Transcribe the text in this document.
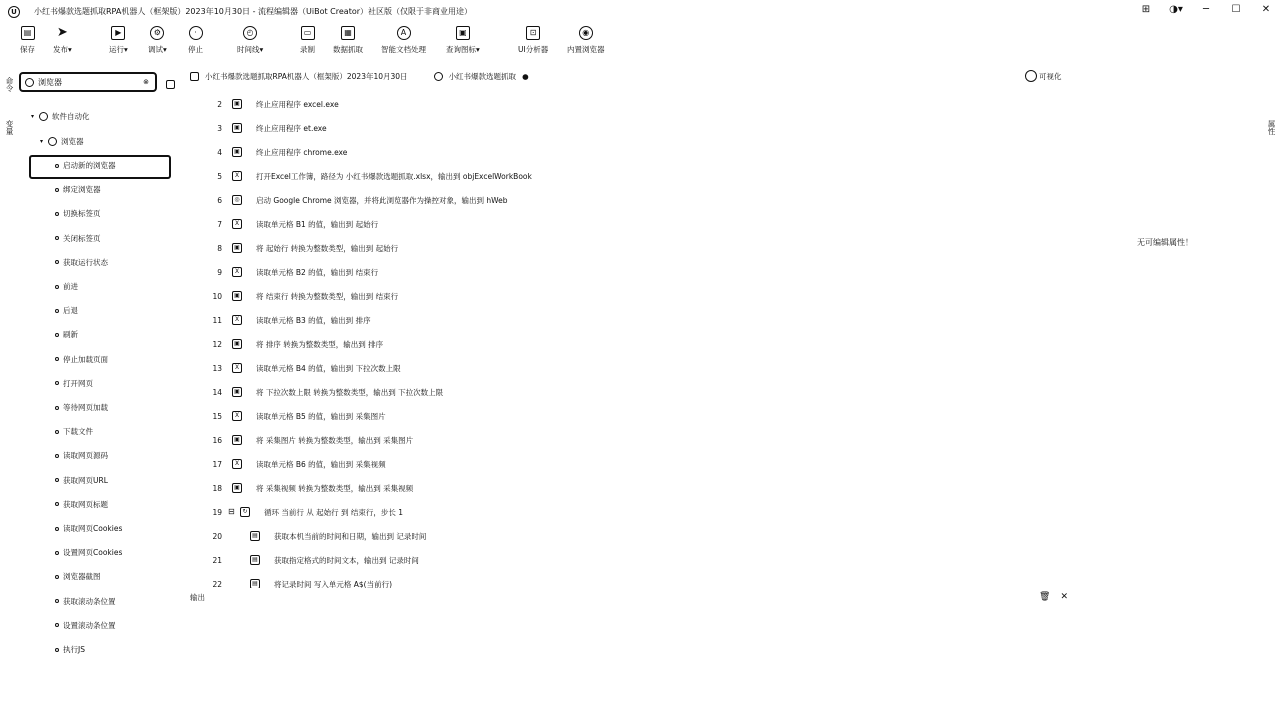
U	小红书爆款选题抓取RPA机器人（框架版）2023年10月30日 - 流程编辑器（UiBot Creator）社区版（仅限于非商业用途）	⊞	◑▾	─	☐	✕
▤
保存
➤
发布▾
▶
运行▾
⚙
调试▾
·
停止
◴
时间线▾
▭
录制
▦
数据抓取
A
智能文档处理
▣
查询图标▾
⊡
UI分析器
◉
内置浏览器
命令
变量
浏览器
⊗
▾	软件自动化
▾	浏览器
启动新的浏览器
绑定浏览器
切换标签页
关闭标签页
获取运行状态
前进
后退
刷新
停止加载页面
打开网页
等待网页加载
下载文件
读取网页源码
获取网页URL
获取网页标题
读取网页Cookies
设置网页Cookies
浏览器截图
获取滚动条位置
设置滚动条位置
执行JS
小红书爆款选题抓取RPA机器人（框架版）2023年10月30日	小红书爆款选题抓取 ●	可视化
2	▣ 终止应用程序 excel.exe
3	▣ 终止应用程序 et.exe
4	▣ 终止应用程序 chrome.exe
5	X	打开Excel工作簿，路径为 小红书爆款选题抓取.xlsx，输出到 objExcelWorkBook
6	◎	启动 Google Chrome 浏览器，并将此浏览器作为操控对象，输出到 hWeb
7	X	读取单元格 B1 的值，输出到 起始行
8	▣ 将 起始行 转换为整数类型，输出到 起始行
9	X	读取单元格 B2 的值，输出到 结束行
10	▣ 将 结束行 转换为整数类型，输出到 结束行
11	X	读取单元格 B3 的值，输出到 排序
12	▣ 将 排序 转换为整数类型，输出到 排序
13	X	读取单元格 B4 的值，输出到 下拉次数上限
14	▣ 将 下拉次数上限 转换为整数类型，输出到 下拉次数上限
15	X	读取单元格 B5 的值，输出到 采集图片
16	▣ 将 采集图片 转换为整数类型，输出到 采集图片
17	X	读取单元格 B6 的值，输出到 采集视频
18	▣ 将 采集视频 转换为整数类型，输出到 采集视频
19 ⊟	↻	循环 当前行 从 起始行 到 结束行，步长 1
20	▤ 获取本机当前的时间和日期，输出到 记录时间
21	▤ 获取指定格式的时间文本，输出到 记录时间
22	▤ 将记录时间 写入单元格 A$(当前行)
输出	🗑 ✕
属性
无可编辑属性！
